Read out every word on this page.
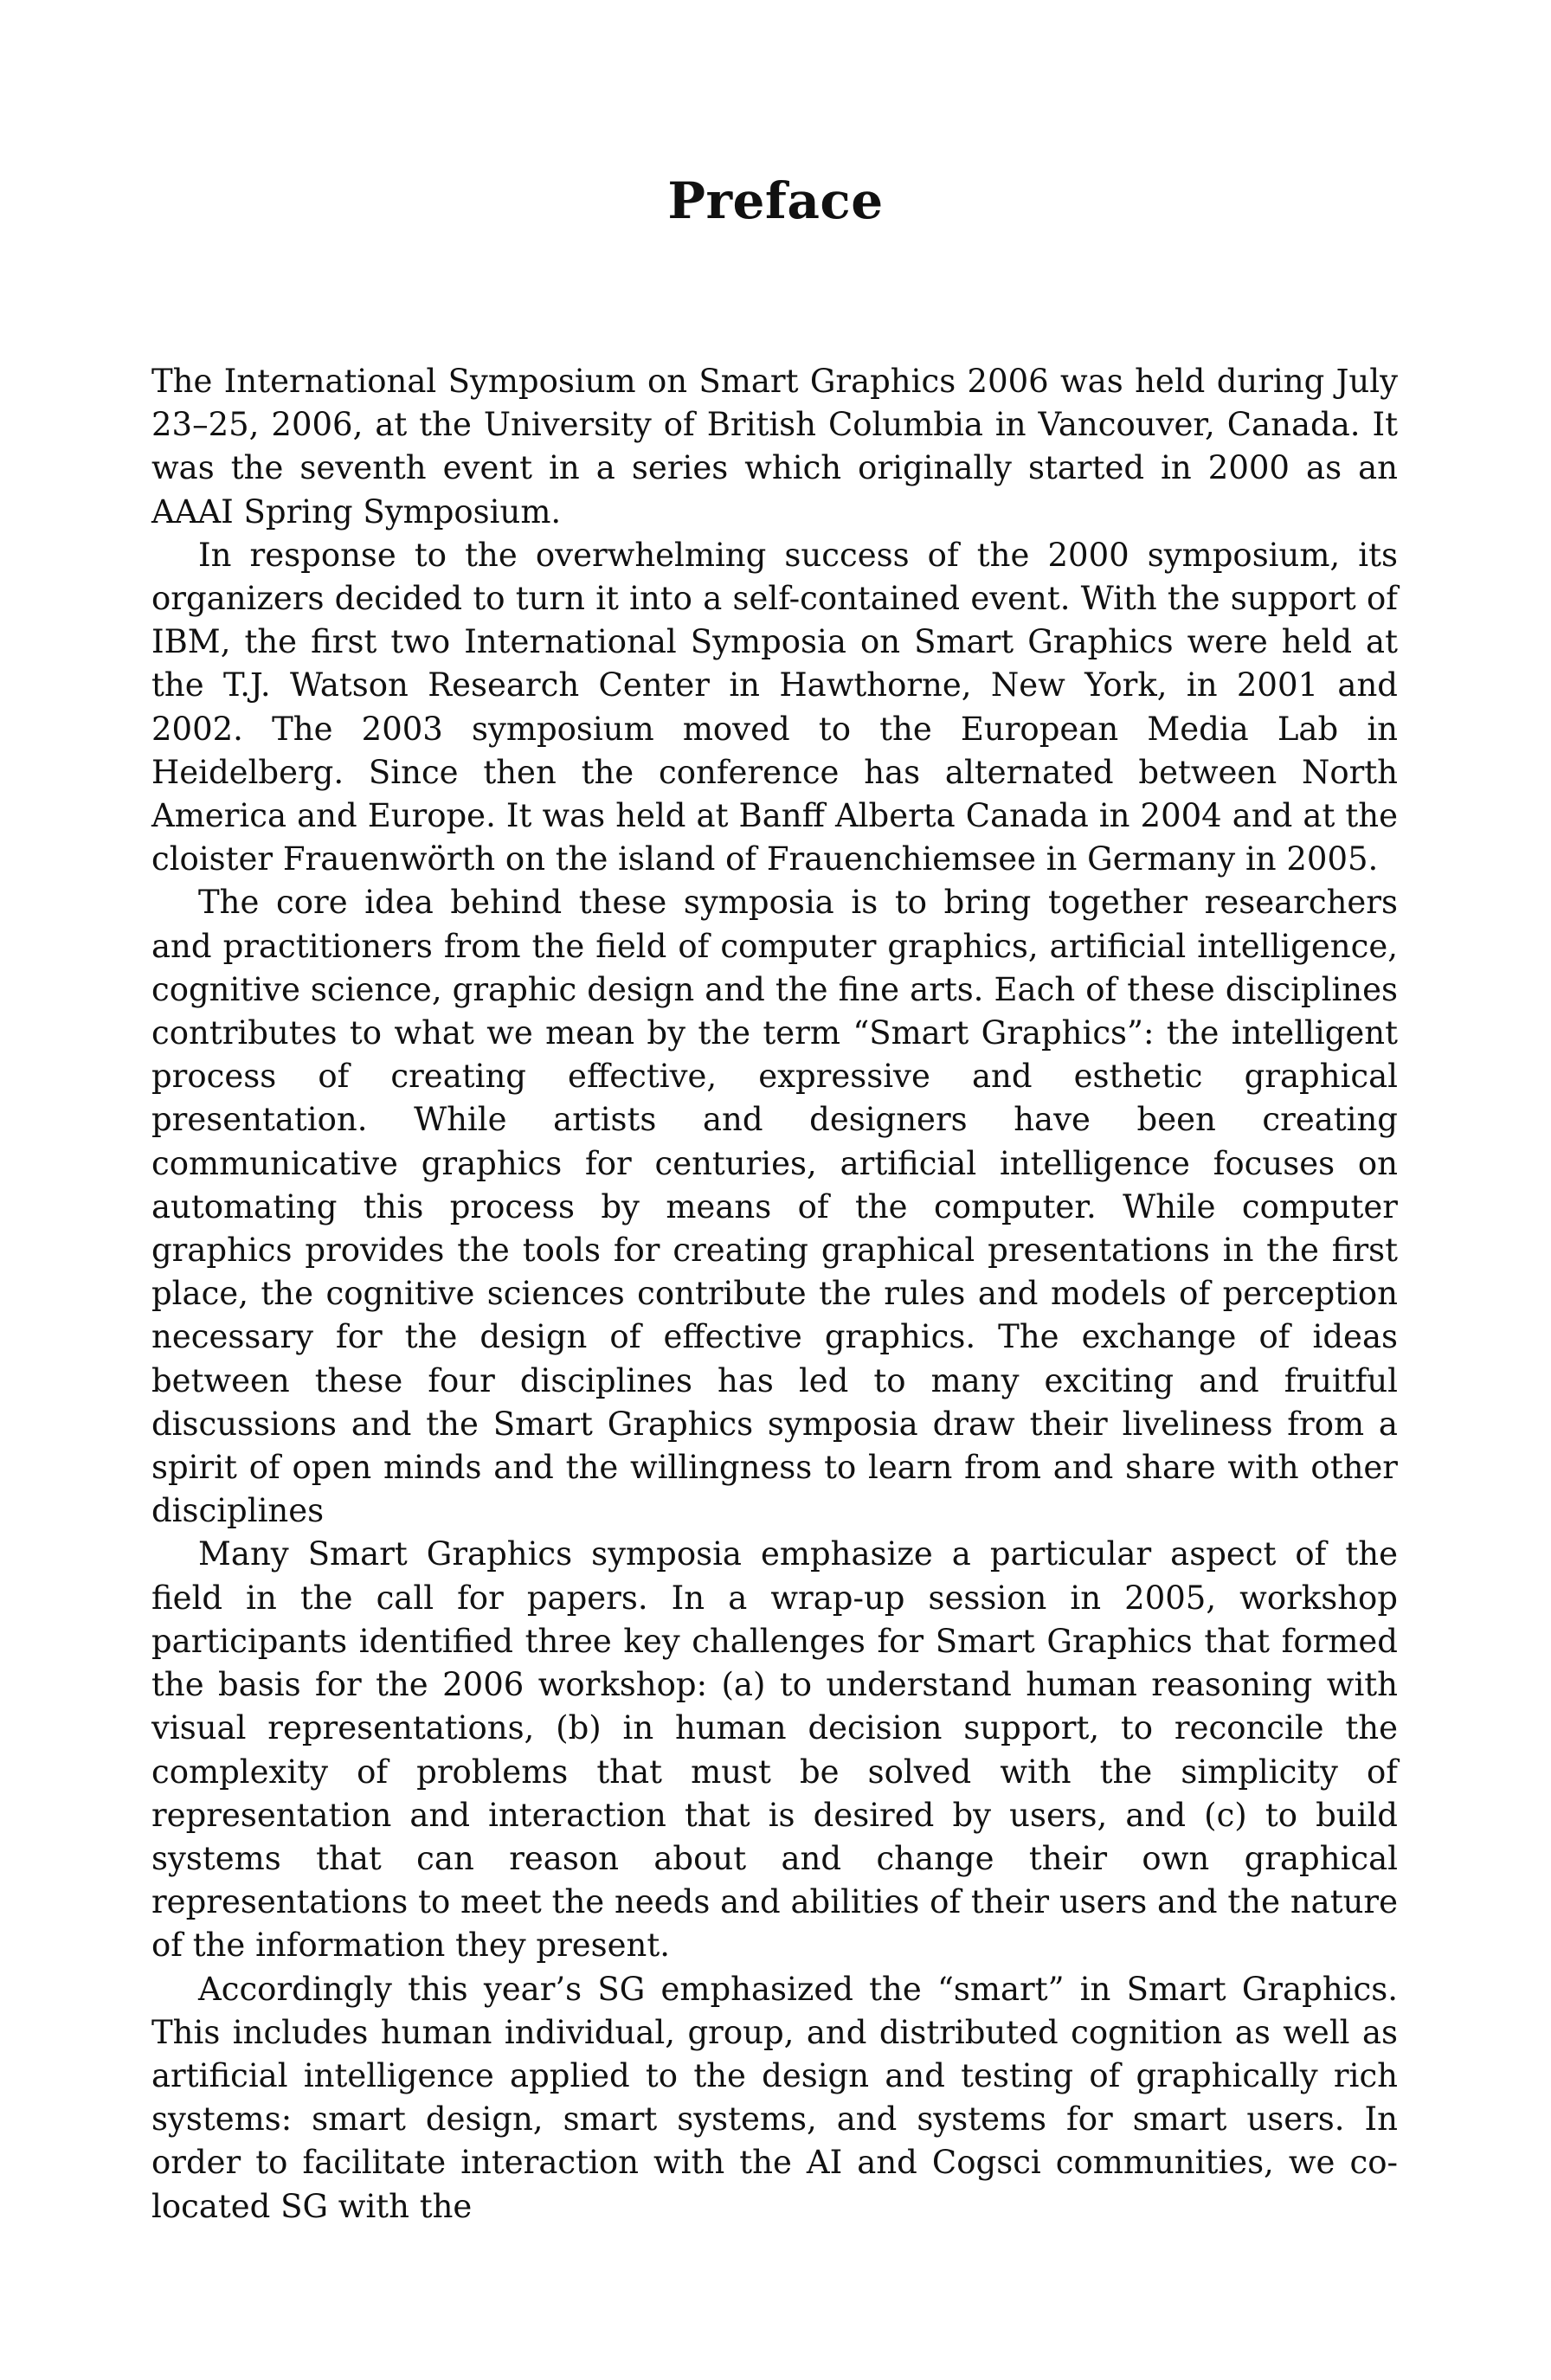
Preface

The International Symposium on Smart Graphics 2006 was held during July 23–25, 2006, at the University of British Columbia in Vancouver, Canada. It was the seventh event in a series which originally started in 2000 as an AAAI Spring Symposium.

In response to the overwhelming success of the 2000 symposium, its organizers decided to turn it into a self-contained event. With the support of IBM, the first two International Symposia on Smart Graphics were held at the T.J. Watson Research Center in Hawthorne, New York, in 2001 and 2002. The 2003 symposium moved to the European Media Lab in Heidelberg. Since then the conference has alternated between North America and Europe. It was held at Banff Alberta Canada in 2004 and at the cloister Frauenwörth on the island of Frauenchiemsee in Germany in 2005.

The core idea behind these symposia is to bring together researchers and practitioners from the field of computer graphics, artificial intelligence, cognitive science, graphic design and the fine arts. Each of these disciplines contributes to what we mean by the term “Smart Graphics”: the intelligent process of creating effective, expressive and esthetic graphical presentation. While artists and designers have been creating communicative graphics for centuries, artificial intelligence focuses on automating this process by means of the computer. While computer graphics provides the tools for creating graphical presentations in the first place, the cognitive sciences contribute the rules and models of perception necessary for the design of effective graphics. The exchange of ideas between these four disciplines has led to many exciting and fruitful discussions and the Smart Graphics symposia draw their liveliness from a spirit of open minds and the willingness to learn from and share with other disciplines

Many Smart Graphics symposia emphasize a particular aspect of the field in the call for papers. In a wrap-up session in 2005, workshop participants identified three key challenges for Smart Graphics that formed the basis for the 2006 workshop: (a) to understand human reasoning with visual representations, (b) in human decision support, to reconcile the complexity of problems that must be solved with the simplicity of representation and interaction that is desired by users, and (c) to build systems that can reason about and change their own graphical representations to meet the needs and abilities of their users and the nature of the information they present.

Accordingly this year’s SG emphasized the “smart” in Smart Graphics. This includes human individual, group, and distributed cognition as well as artificial intelligence applied to the design and testing of graphically rich systems: smart design, smart systems, and systems for smart users. In order to facilitate interaction with the AI and Cogsci communities, we co-located SG with the
